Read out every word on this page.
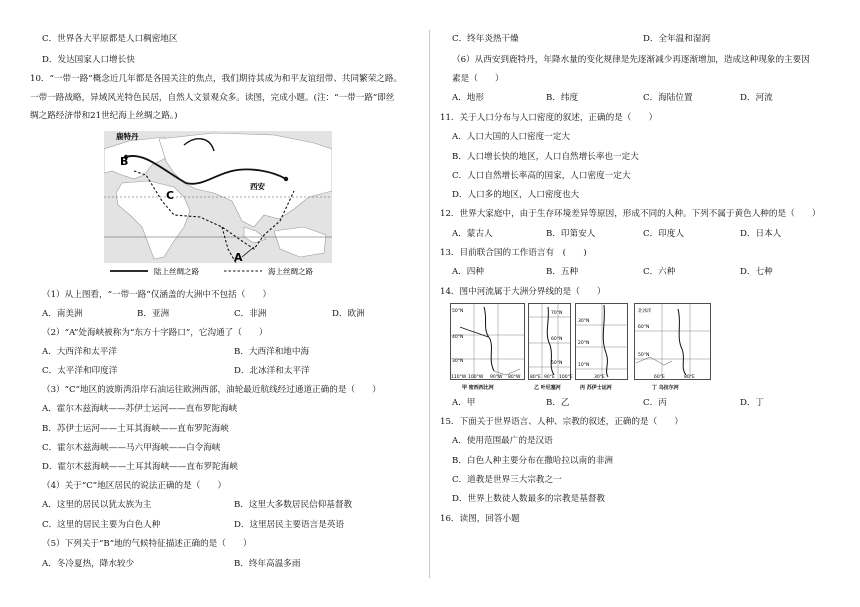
C．世界各大平原都是人口稠密地区
D．发达国家人口增长快
10．“一带一路”概念近几年都是各国关注的焦点，我们期待其成为和平友谊纽带、共同繁荣之路。
一带一路战略，异域风光特色民居，自然人文景观众多。读图，完成小题。(注：“一带一路”即丝
绸之路经济带和21世纪海上丝绸之路。)
鹿特丹
西安
B
C
A
陆上丝绸之路	海上丝绸之路
（1）从上图看，“一带一路”仅涵盖的大洲中不包括（　　）
A．南美洲	B．亚洲	C．非洲	D．欧洲
（2）“A”处海峡被称为“东方十字路口”，它沟通了（　　）
A．大西洋和太平洋	B．大西洋和地中海
C．太平洋和印度洋	D．北冰洋和太平洋
（3）“C”地区的波斯湾沿岸石油运往欧洲西部，油轮最近航线经过通道正确的是（　　）
A．霍尔木兹海峡——苏伊士运河——直布罗陀海峡
B．苏伊士运河——土耳其海峡——直布罗陀海峡
C．霍尔木兹海峡——马六甲海峡——白令海峡
D．霍尔木兹海峡——土耳其海峡——直布罗陀海峡
（4）关于“C”地区居民的说法正确的是（　　）
A．这里的居民以犹太族为主	B．这里大多数居民信仰基督教
C．这里的居民主要为白色人种	D．这里居民主要语言是英语
（5）下列关于“B”地的气候特征描述正确的是（　　）
A．冬冷夏热，降水较少	B．终年高温多雨
C．终年炎热干燥	D．全年温和湿润
（6）从西安到鹿特丹，年降水量的变化规律是先逐渐减少再逐渐增加，造成这种现象的主要因
素是（　　）
A．地形	B．纬度	C．海陆位置	D．河流
11．关于人口分布与人口密度的叙述，正确的是（　　）
A．人口大国的人口密度一定大
B．人口增长快的地区，人口自然增长率也一定大
C．人口自然增长率高的国家，人口密度一定大
D．人口多的地区，人口密度也大
12．世界大家庭中，由于生存环境差异等原因，形成不同的人种。下列不属于黄色人种的是（　　）
A．蒙古人	B．印第安人	C．印度人	D．日本人
13．目前联合国的工作语言有　(　　)
A．四种	B．五种	C．六种	D．七种
14．图中河流属于大洲分界线的是（　　）
50°N
40°N
30°N
110°W 100°W 90°W 80°W
甲 密西西比河
70°N
60°N
50°N
80°E 90°E 100°E
乙 叶尼塞河
30°N
20°N
10°N
30°E
丙 苏伊士运河
北冰洋
60°N
50°N
60°E	80°E
丁 乌拉尔河
A．甲	B．乙	C．丙	D．丁
15．下面关于世界语言、人种、宗教的叙述，正确的是（　　）
A．使用范围最广的是汉语
B．白色人种主要分布在撒哈拉以南的非洲
C．道教是世界三大宗教之一
D．世界上数徒人数最多的宗教是基督教
16．读图，回答小题
